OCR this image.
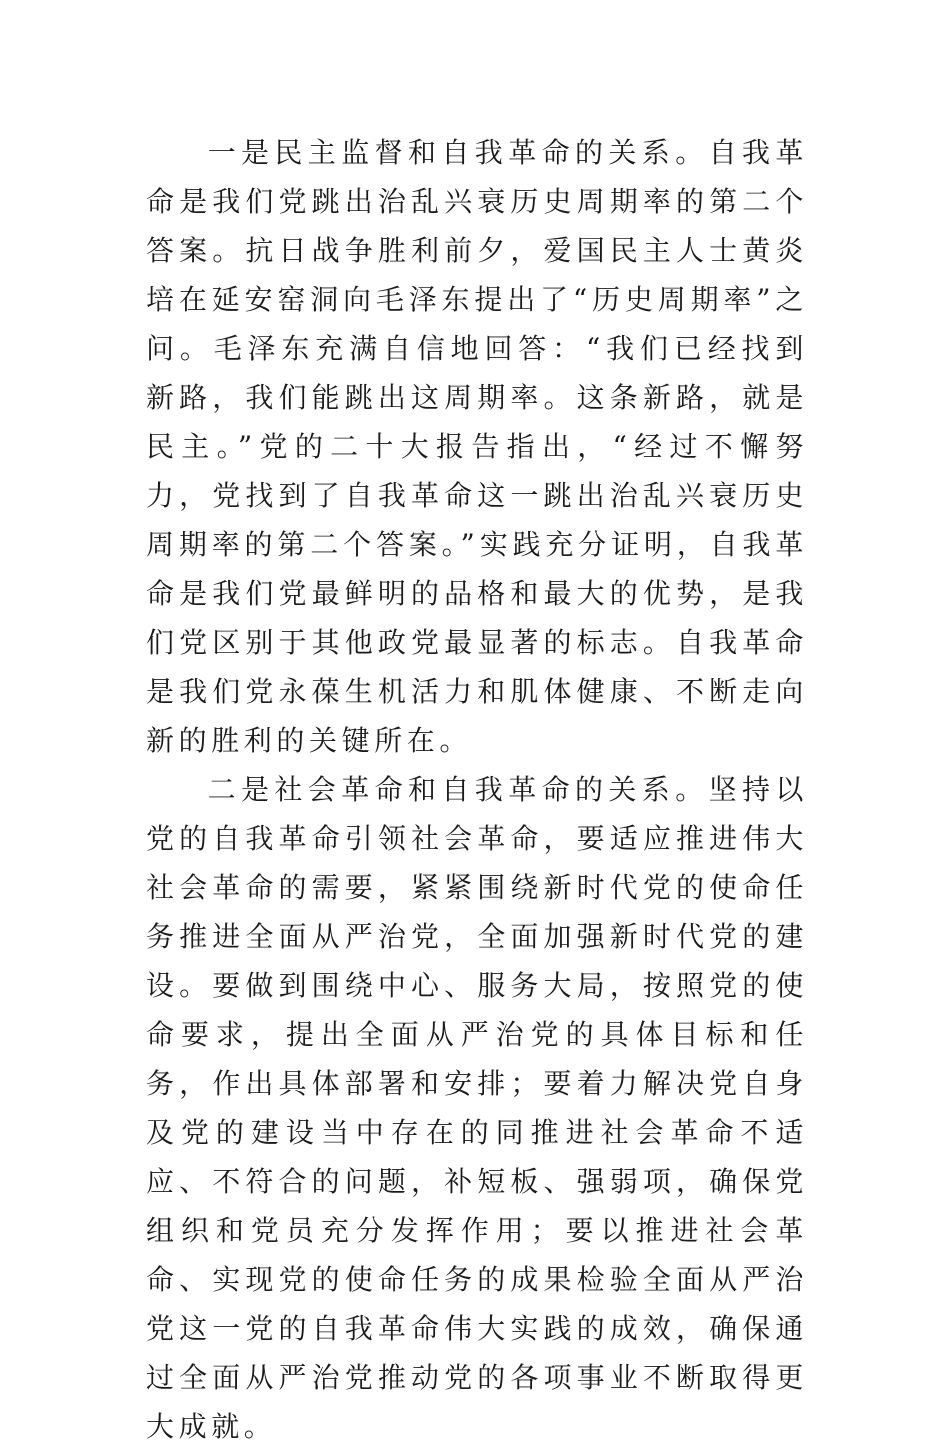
一是民主监督和自我革命的关系。自我革命是我们党跳出治乱兴衰历史周期率的第二个答案。抗日战争胜利前夕，爱国民主人士黄炎培在延安窑洞向毛泽东提出了“历史周期率”之问。毛泽东充满自信地回答：“我们已经找到新路，我们能跳出这周期率。这条新路，就是民主。”党的二十大报告指出，“经过不懈努力，党找到了自我革命这一跳出治乱兴衰历史周期率的第二个答案。”实践充分证明，自我革命是我们党最鲜明的品格和最大的优势，是我们党区别于其他政党最显著的标志。自我革命是我们党永葆生机活力和肌体健康、不断走向新的胜利的关键所在。

二是社会革命和自我革命的关系。坚持以党的自我革命引领社会革命，要适应推进伟大社会革命的需要，紧紧围绕新时代党的使命任务推进全面从严治党，全面加强新时代党的建设。要做到围绕中心、服务大局，按照党的使命要求，提出全面从严治党的具体目标和任务，作出具体部署和安排；要着力解决党自身及党的建设当中存在的同推进社会革命不适应、不符合的问题，补短板、强弱项，确保党组织和党员充分发挥作用；要以推进社会革命、实现党的使命任务的成果检验全面从严治党这一党的自我革命伟大实践的成效，确保通过全面从严治党推动党的各项事业不断取得更大成就。
